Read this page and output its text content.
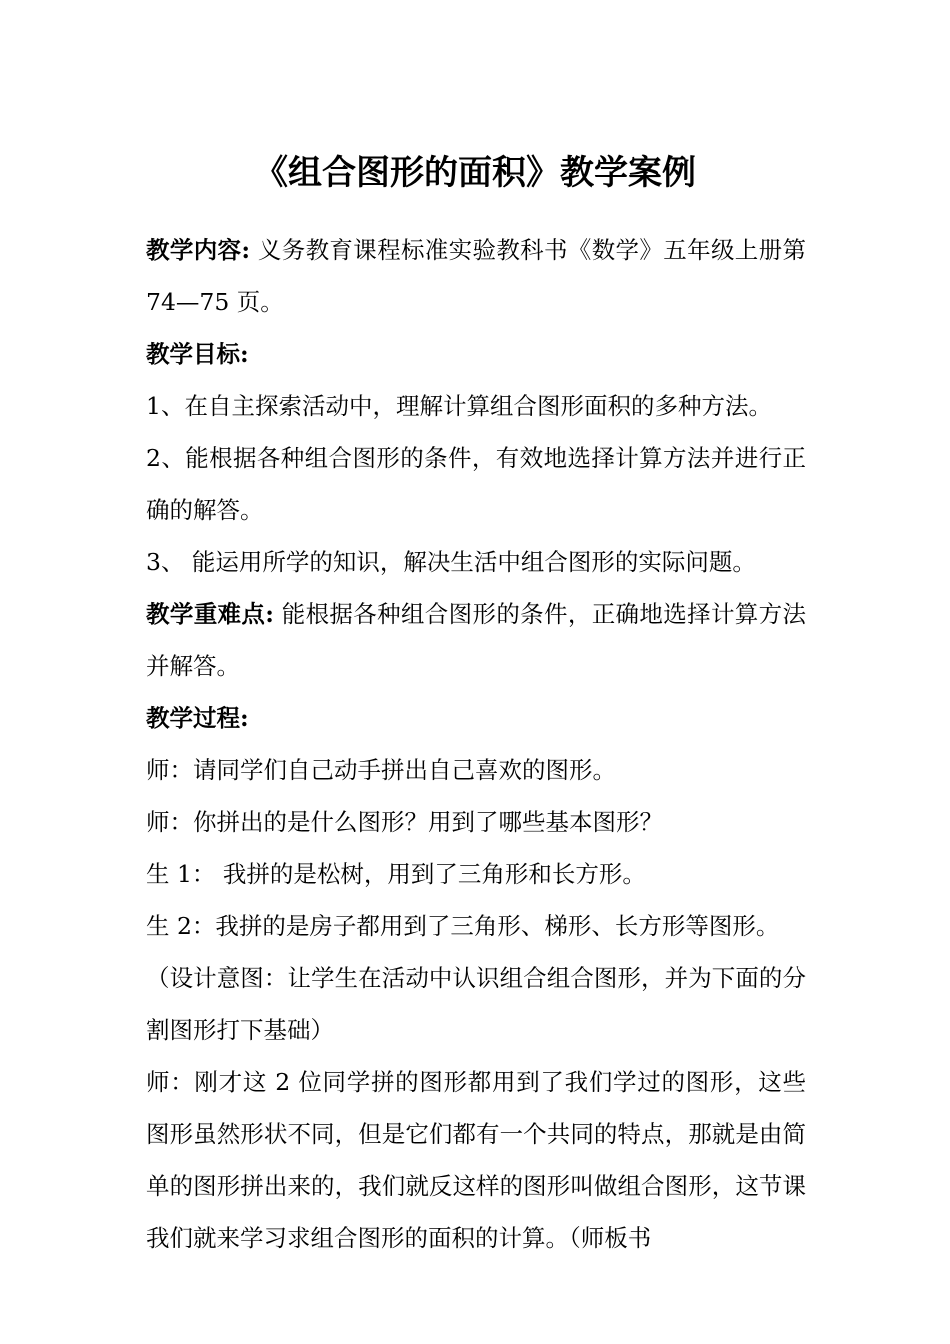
《组合图形的面积》教学案例

教学内容: 义务教育课程标准实验教科书《数学》五年级上册第 74—75 页。

教学目标:

1、在自主探索活动中，理解计算组合图形面积的多种方法。

2、能根据各种组合图形的条件，有效地选择计算方法并进行正确的解答。

3、 能运用所学的知识，解决生活中组合图形的实际问题。

教学重难点: 能根据各种组合图形的条件，正确地选择计算方法并解答。

教学过程:

师：请同学们自己动手拼出自己喜欢的图形。

师：你拼出的是什么图形？用到了哪些基本图形？

生 1： 我拼的是松树，用到了三角形和长方形。

生 2：我拼的是房子都用到了三角形、梯形、长方形等图形。

（设计意图：让学生在活动中认识组合组合图形，并为下面的分割图形打下基础）

师：刚才这 2 位同学拼的图形都用到了我们学过的图形，这些图形虽然形状不同，但是它们都有一个共同的特点，那就是由简单的图形拼出来的，我们就反这样的图形叫做组合图形，这节课我们就来学习求组合图形的面积的计算。（师板书
